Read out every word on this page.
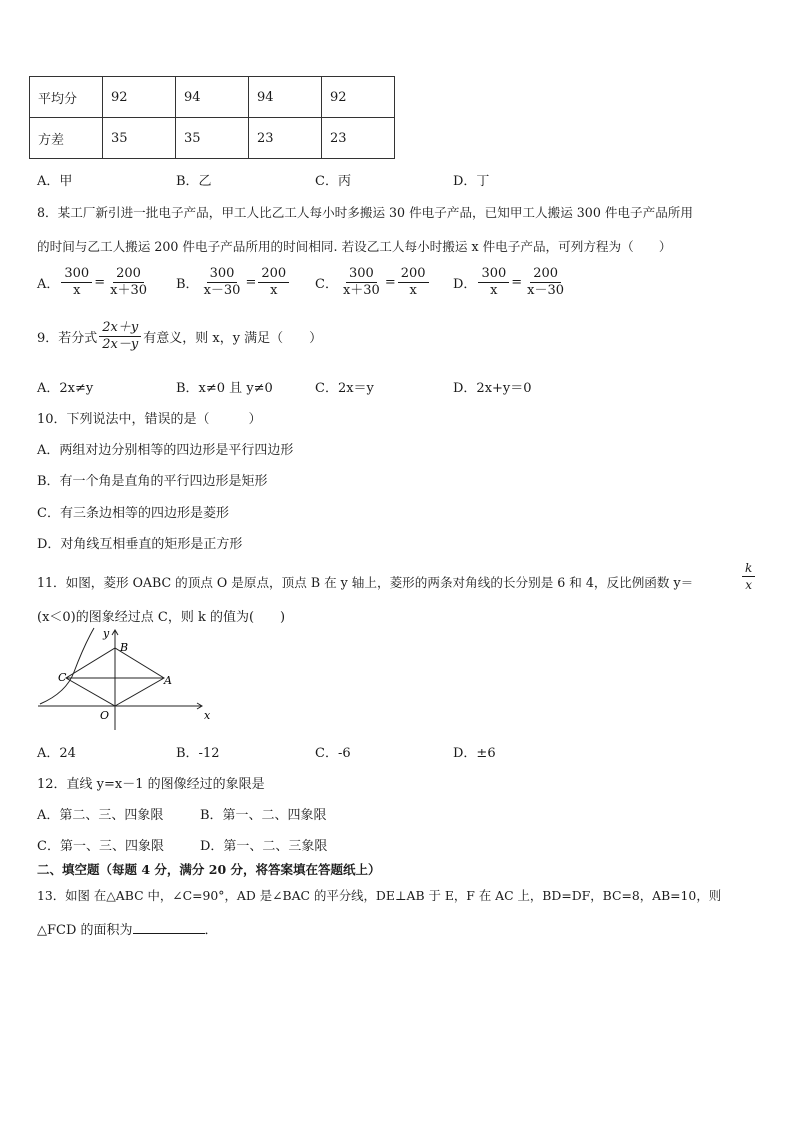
平均分	92	94	94	92
方差	35	35	23	23
A．甲	B．乙	C．丙	D．丁
8．某工厂新引进一批电子产品，甲工人比乙工人每小时多搬运 30 件电子产品，已知甲工人搬运 300 件电子产品所用
的时间与乙工人搬运 200 件电子产品所用的时间相同. 若设乙工人每小时搬运 x 件电子产品，可列方程为（　　）
A． $\frac{300}{x} = \frac{200}{x+30}$ B． $\frac{300}{x-30} = \frac{200}{x}$ C． $\frac{300}{x+30} = \frac{200}{x}$ D． $\frac{300}{x} = \frac{200}{x-30}$
9．若分式 $\frac{2x+y}{2x-y}$ 有意义，则 x，y 满足（　　）
A．2x≠y	B．x≠0 且 y≠0	C．2x＝y	D．2x+y＝0
10．下列说法中，错误的是（　　　）
A．两组对边分别相等的四边形是平行四边形
B．有一个角是直角的平行四边形是矩形
C．有三条边相等的四边形是菱形
D．对角线互相垂直的矩形是正方形
11．如图，菱形 OABC 的顶点 O 是原点，顶点 B 在 y 轴上，菱形的两条对角线的长分别是 6 和 4，反比例函数 y＝	$\frac{k}{x}$
(x＜0)的图象经过点 C，则 k 的值为(　　)
y
x
B
C	A
O
A．24	B．-12	C．-6	D．±6
12．直线 y=x－1 的图像经过的象限是
A．第二、三、四象限	B．第一、二、四象限
C．第一、三、四象限	D．第一、二、三象限
二、填空题（每题 4 分，满分 20 分，将答案填在答题纸上）
13．如图 在△ABC 中，∠C=90°，AD 是∠BAC 的平分线，DE⊥AB 于 E，F 在 AC 上，BD=DF，BC=8，AB=10，则
△FCD 的面积为	．
